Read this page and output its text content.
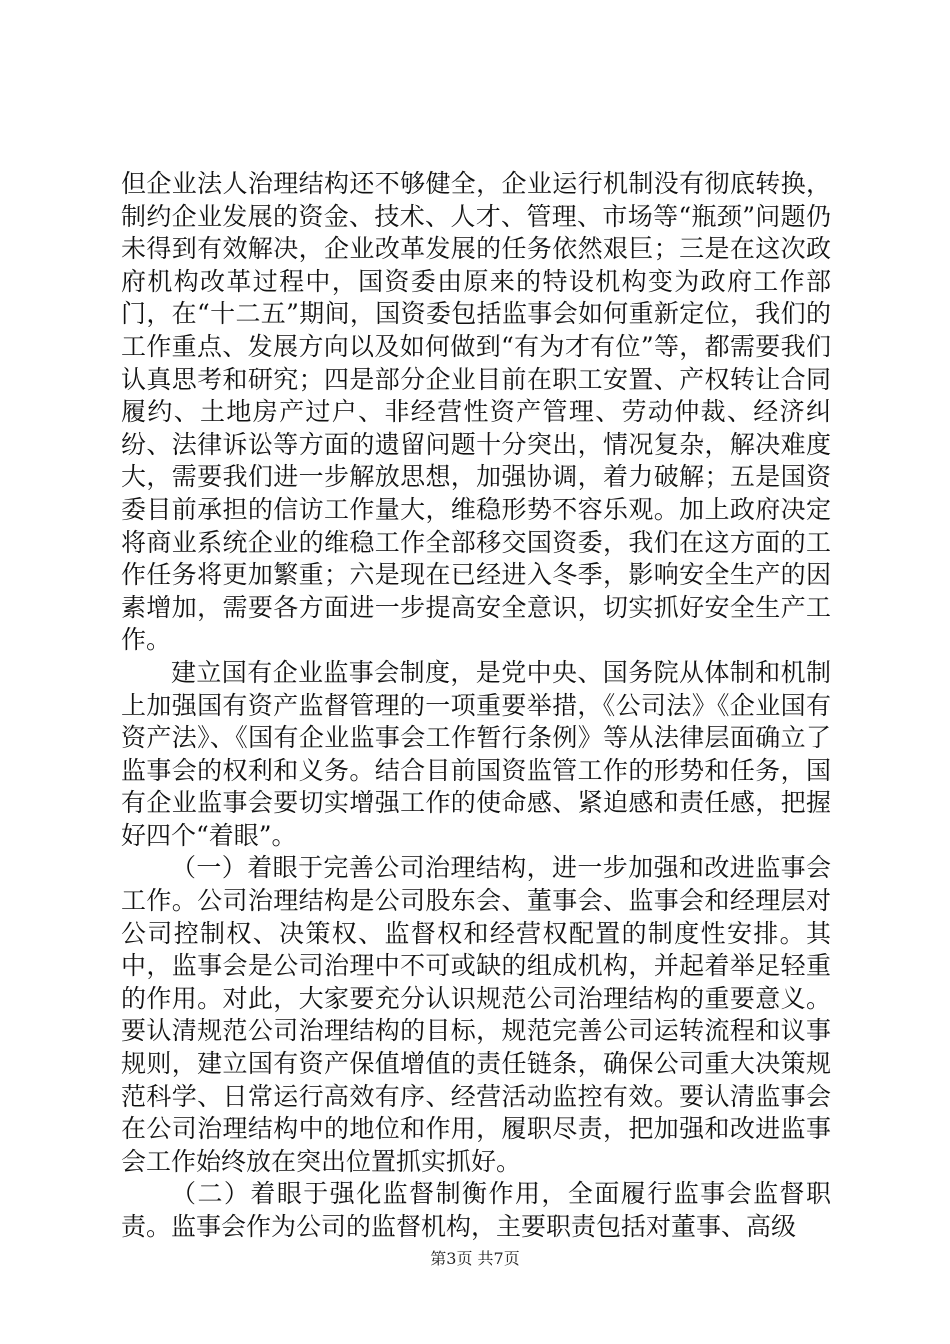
但企业法人治理结构还不够健全，企业运行机制没有彻底转换，制约企业发展的资金、技术、人才、管理、市场等“瓶颈”问题仍未得到有效解决，企业改革发展的任务依然艰巨；三是在这次政府机构改革过程中，国资委由原来的特设机构变为政府工作部门，在“十二五”期间，国资委包括监事会如何重新定位，我们的工作重点、发展方向以及如何做到“有为才有位”等，都需要我们认真思考和研究；四是部分企业目前在职工安置、产权转让合同履约、土地房产过户、非经营性资产管理、劳动仲裁、经济纠纷、法律诉讼等方面的遗留问题十分突出，情况复杂，解决难度大，需要我们进一步解放思想，加强协调，着力破解；五是国资委目前承担的信访工作量大，维稳形势不容乐观。加上政府决定将商业系统企业的维稳工作全部移交国资委，我们在这方面的工作任务将更加繁重；六是现在已经进入冬季，影响安全生产的因素增加，需要各方面进一步提高安全意识，切实抓好安全生产工作。

建立国有企业监事会制度，是党中央、国务院从体制和机制上加强国有资产监督管理的一项重要举措，《公司法》《企业国有资产法》、《国有企业监事会工作暂行条例》等从法律层面确立了监事会的权利和义务。结合目前国资监管工作的形势和任务，国有企业监事会要切实增强工作的使命感、紧迫感和责任感，把握好四个“着眼”。

（一）着眼于完善公司治理结构，进一步加强和改进监事会工作。公司治理结构是公司股东会、董事会、监事会和经理层对公司控制权、决策权、监督权和经营权配置的制度性安排。其中，监事会是公司治理中不可或缺的组成机构，并起着举足轻重的作用。对此，大家要充分认识规范公司治理结构的重要意义。要认清规范公司治理结构的目标，规范完善公司运转流程和议事规则，建立国有资产保值增值的责任链条，确保公司重大决策规范科学、日常运行高效有序、经营活动监控有效。要认清监事会在公司治理结构中的地位和作用，履职尽责，把加强和改进监事会工作始终放在突出位置抓实抓好。

（二）着眼于强化监督制衡作用，全面履行监事会监督职责。监事会作为公司的监督机构，主要职责包括对董事、高级

第3页 共7页
